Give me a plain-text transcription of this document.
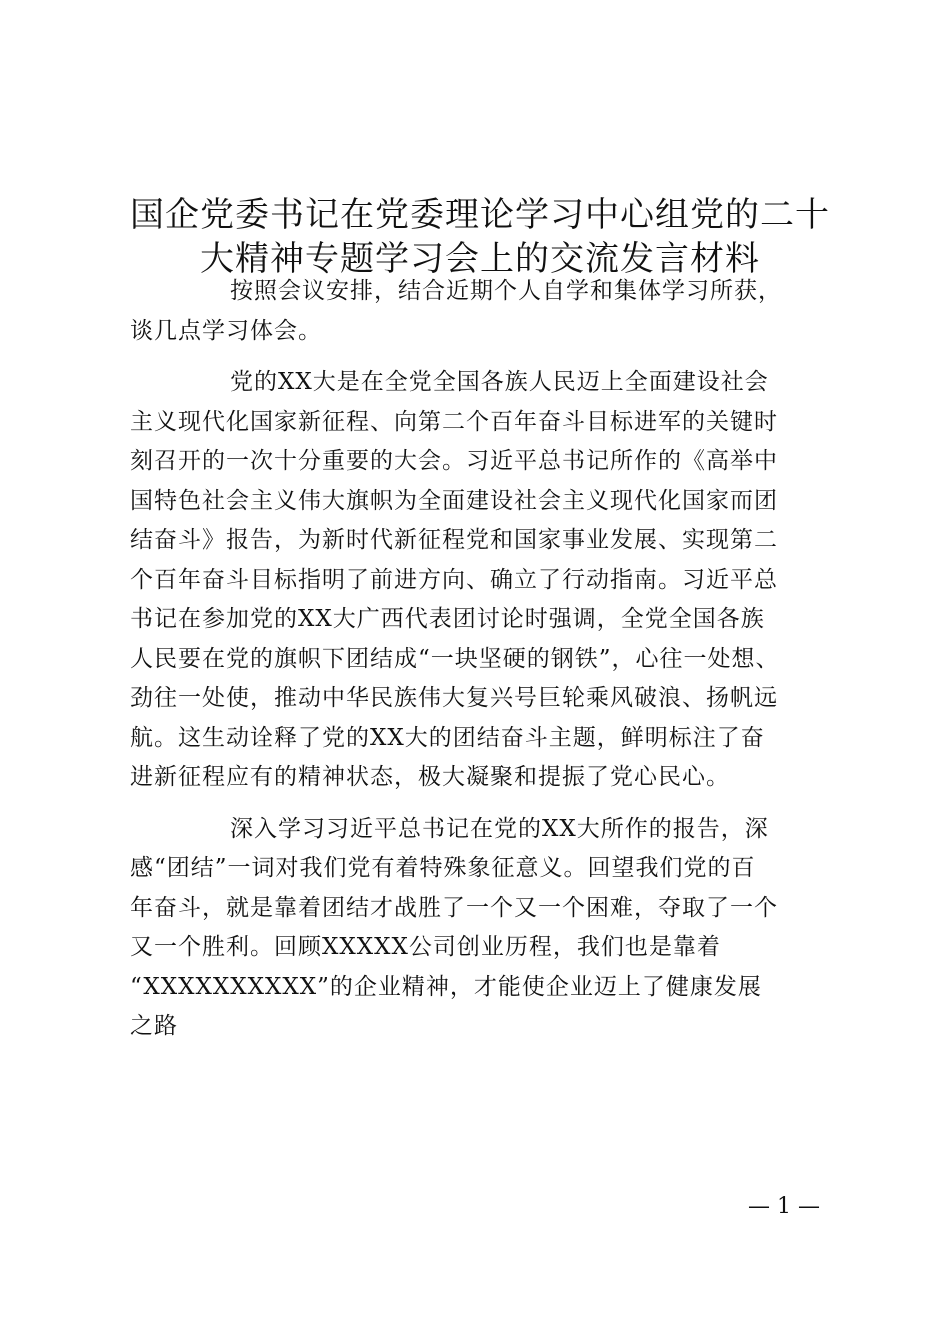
国企党委书记在党委理论学习中心组党的二十
大精神专题学习会上的交流发言材料
按照会议安排，结合近期个人自学和集体学习所获，
谈几点学习体会。
党的XX大是在全党全国各族人民迈上全面建设社会
主义现代化国家新征程、向第二个百年奋斗目标进军的关键时
刻召开的一次十分重要的大会。习近平总书记所作的《高举中
国特色社会主义伟大旗帜为全面建设社会主义现代化国家而团
结奋斗》报告，为新时代新征程党和国家事业发展、实现第二
个百年奋斗目标指明了前进方向、确立了行动指南。习近平总
书记在参加党的XX大广西代表团讨论时强调，全党全国各族
人民要在党的旗帜下团结成“一块坚硬的钢铁”，心往一处想、
劲往一处使，推动中华民族伟大复兴号巨轮乘风破浪、扬帆远
航。这生动诠释了党的XX大的团结奋斗主题，鲜明标注了奋
进新征程应有的精神状态，极大凝聚和提振了党心民心。
深入学习习近平总书记在党的XX大所作的报告，深
感“团结”一词对我们党有着特殊象征意义。回望我们党的百
年奋斗，就是靠着团结才战胜了一个又一个困难，夺取了一个
又一个胜利。回顾XXXXX公司创业历程，我们也是靠着
“XXXXXXXXXX”的企业精神，才能使企业迈上了健康发展
之路
— 1 —
